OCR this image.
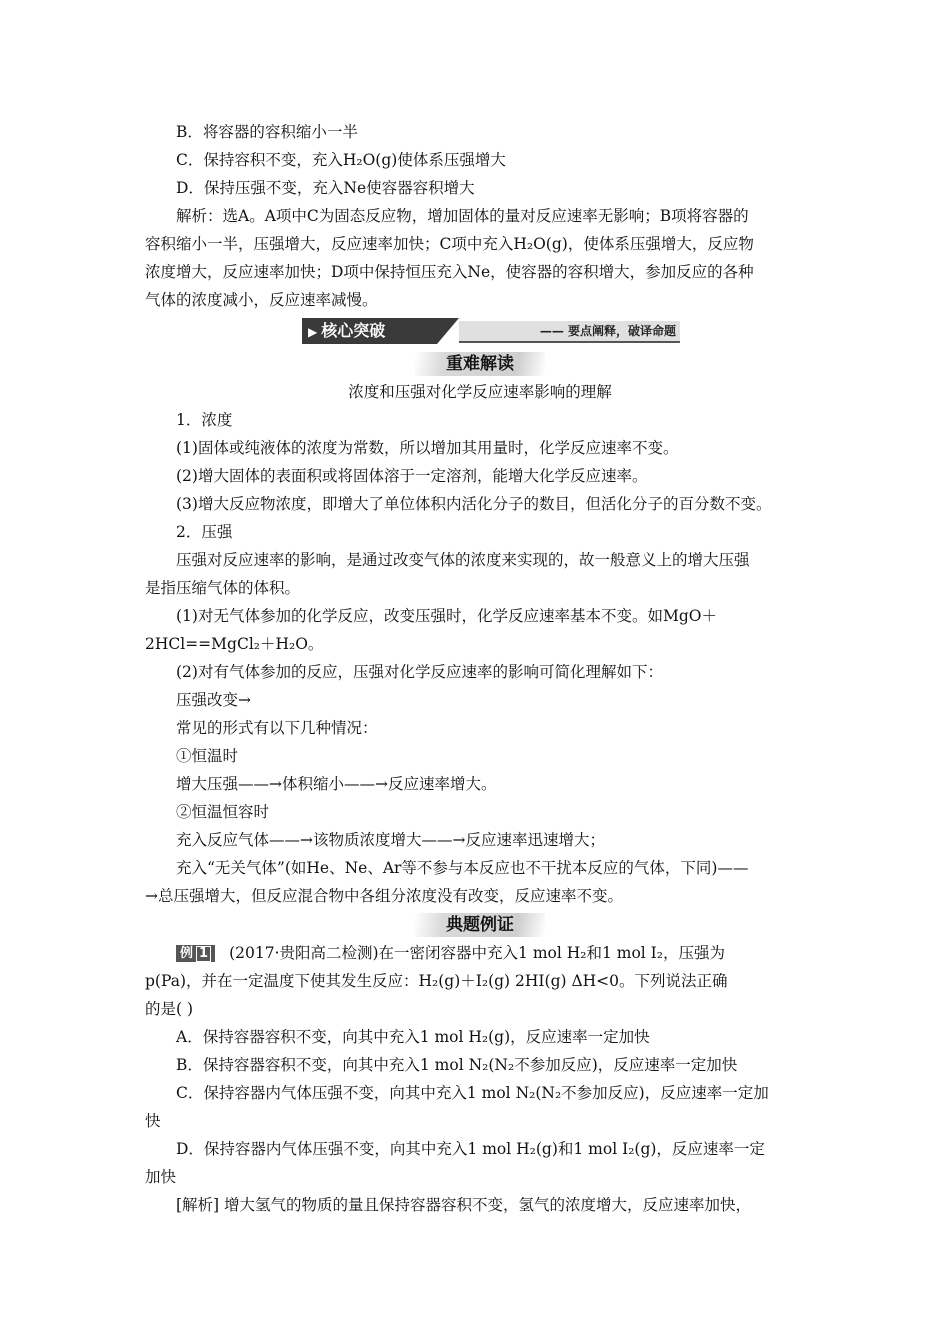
B．将容器的容积缩小一半
C．保持容积不变，充入H₂O(g)使体系压强增大
D．保持压强不变，充入Ne使容器容积增大
解析：选A。A项中C为固态反应物，增加固体的量对反应速率无影响；B项将容器的
容积缩小一半，压强增大，反应速率加快；C项中充入H₂O(g)，使体系压强增大，反应物
浓度增大，反应速率加快；D项中保持恒压充入Ne，使容器的容积增大，参加反应的各种
气体的浓度减小，反应速率减慢。
▶ 核心突破	—— 要点阐释，破译命题
重难解读
浓度和压强对化学反应速率影响的理解
1．浓度
(1)固体或纯液体的浓度为常数，所以增加其用量时，化学反应速率不变。
(2)增大固体的表面积或将固体溶于一定溶剂，能增大化学反应速率。
(3)增大反应物浓度，即增大了单位体积内活化分子的数目，但活化分子的百分数不变。
2．压强
压强对反应速率的影响，是通过改变气体的浓度来实现的，故一般意义上的增大压强
是指压缩气体的体积。
(1)对无气体参加的化学反应，改变压强时，化学反应速率基本不变。如MgO＋
2HCl==MgCl₂＋H₂O。
(2)对有气体参加的反应，压强对化学反应速率的影响可简化理解如下：
压强改变→
常见的形式有以下几种情况：
①恒温时
增大压强——→体积缩小——→反应速率增大。
②恒温恒容时
充入反应气体——→该物质浓度增大——→反应速率迅速增大；
充入“无关气体”(如He、Ne、Ar等不参与本反应也不干扰本反应的气体，下同)——
→总压强增大，但反应混合物中各组分浓度没有改变，反应速率不变。
典题例证
例 1 (2017·贵阳高二检测)在一密闭容器中充入1 mol H₂和1 mol I₂，压强为
p(Pa)，并在一定温度下使其发生反应：H₂(g)＋I₂(g) 2HI(g) ΔH<0。下列说法正确
的是( )
A．保持容器容积不变，向其中充入1 mol H₂(g)，反应速率一定加快
B．保持容器容积不变，向其中充入1 mol N₂(N₂不参加反应)，反应速率一定加快
C．保持容器内气体压强不变，向其中充入1 mol N₂(N₂不参加反应)，反应速率一定加
快
D．保持容器内气体压强不变，向其中充入1 mol H₂(g)和1 mol I₂(g)，反应速率一定
加快
[解析] 增大氢气的物质的量且保持容器容积不变，氢气的浓度增大，反应速率加快，
